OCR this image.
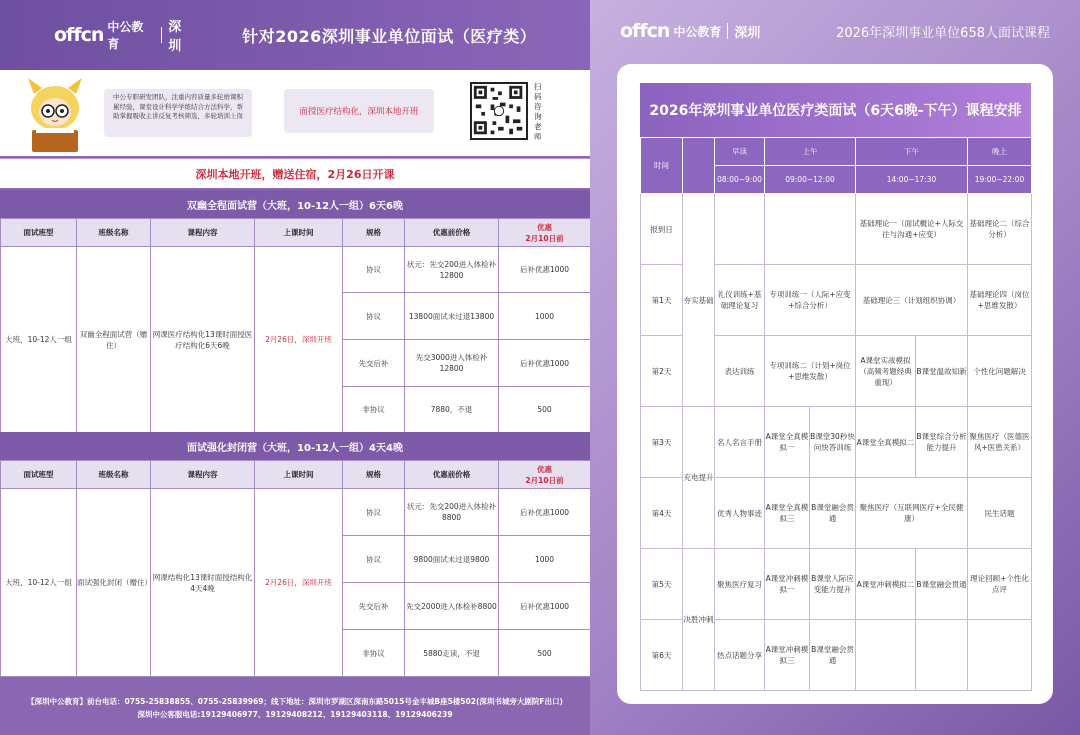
offcn 中公教育
深圳
针对2026深圳事业单位面试（医疗类）
中公专职研发团队，注重内容质量多轮磨课积累经验，课堂设计科学学练结合方法科学，帮助掌握吸收主讲反复考核筛选，多轮培训上岗	面授医疗结构化，深圳本地开班
扫码咨询老师
深圳本地开班，赠送住宿，2月26日开课
双幽全程面试营（大班，10-12人一组）6天6晚
面试班型	班级名称	课程内容	上课时间	规格	优惠前价格	优惠
2月10日前

大班，10-12人一组	双幽全程面试营（赠住）	网课医疗结构化13课时面授医疗结构化6天6晚	2月26日，深圳开班	协议	状元：先交200进入体检补12800	后补优惠1000
				协议	13800面试未过退13800	1000
				先交后补	先交3000进入体检补12800	后补优惠1000
				非协议	7880，不退	500
面试强化封闭营（大班，10-12人一组）4天4晚
面试班型	班级名称	课程内容	上课时间	规格	优惠前价格	优惠
2月10日前

大班，10-12人一组	面试强化封闭（赠住）	网课结构化13课时面授结构化4天4晚	2月26日，深圳开班	协议	状元：先交200进入体检补8800	后补优惠1000
				协议	9800面试未过退9800	1000
				先交后补	先交2000进入体检补8800	后补优惠1000
				非协议	5880走读，不退	500
【深圳中公教育】前台电话：0755-25838855、0755-25839969；线下地址：深圳市罗湖区深南东路5015号金丰城B座5楼502(深圳书城旁大剧院F出口)
深圳中公客服电话:19129406977、19129408212、19129403118、19129406239
offcn 中公教育 深圳	2026年深圳事业单位658人面试课程
2026年深圳事业单位医疗类面试（6天6晚-下午）课程安排
时间		早读	上午		下午		晚上
		08:00~9:00	09:00~12:00		14:00~17:30		19:00~22:00
报到日	夯实基础				基础理论一（面试概论+人际交往与沟通+应变）		基础理论二（综合分析）
第1天		礼仪训练+基础理论复习	专项训练一（人际+应变+综合分析）		基础理论三（计划组织协调）		基础理论四（岗位+思维发散）
第2天		表达训练	专项训练二（计划+岗位+思维发散）		A课堂实战模拟（高频考题经典重现）	B课堂温故知新	个性化问题解决
第3天	充电提升	名人名言手册	A课堂全真模拟一	B课堂30秒快问快答训练	A课堂全真模拟二	B课堂综合分析能力提升	聚焦医疗（医德医风+医患关系）
第4天		优秀人物事迹	A课堂全真模拟三	B课堂融会贯通	聚焦医疗（互联网医疗+全民健康）		民生话题
第5天	决胜冲刺	聚焦医疗复习	A课堂冲刺模拟一	B课堂人际应变能力提升	A课堂冲刺模拟二	B课堂融会贯通	理论回顾+个性化点评
第6天		热点话题分享	A课堂冲刺模拟三	B课堂融会贯通			
